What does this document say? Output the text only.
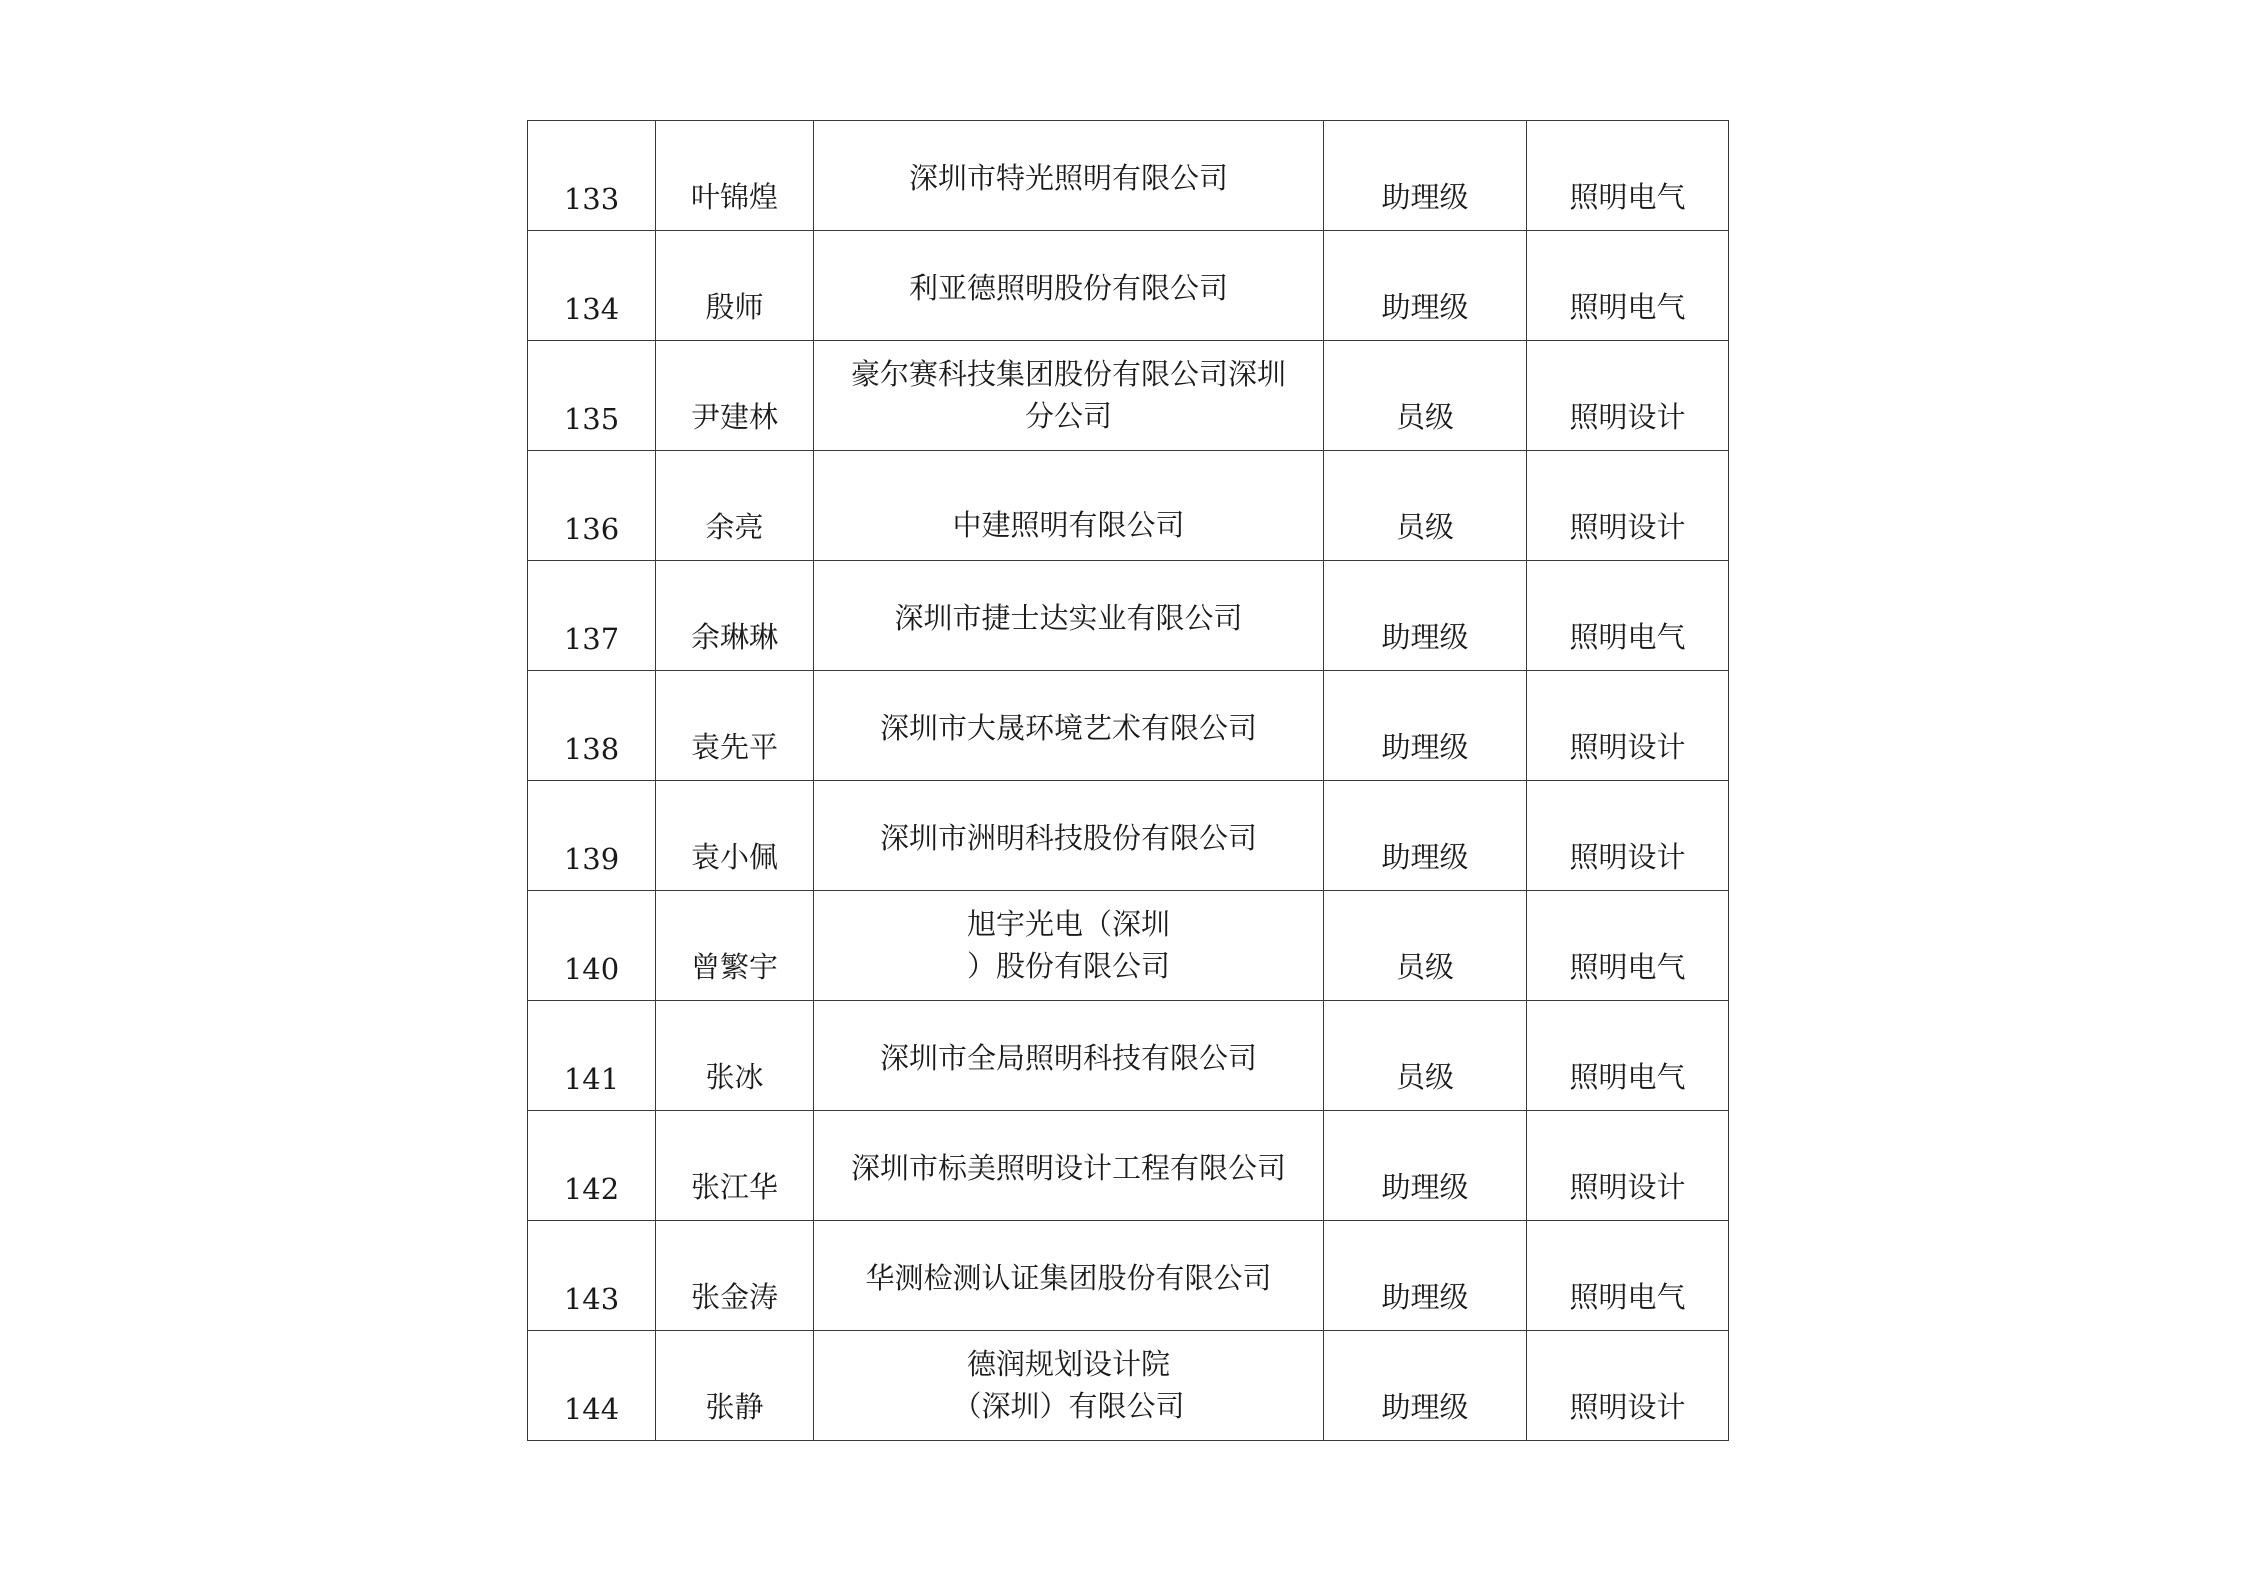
133	叶锦煌	深圳市特光照明有限公司	助理级	照明电气

134	殷师	利亚德照明股份有限公司	助理级	照明电气

135	尹建林	豪尔赛科技集团股份有限公司深圳
分公司	员级	照明设计

136	余亮	中建照明有限公司	员级	照明设计

137	余琳琳	深圳市捷士达实业有限公司	助理级	照明电气

138	袁先平	深圳市大晟环境艺术有限公司	助理级	照明设计

139	袁小佩	深圳市洲明科技股份有限公司	助理级	照明设计

140	曾繁宇	旭宇光电（深圳
）股份有限公司	员级	照明电气

141	张冰	深圳市全局照明科技有限公司	员级	照明电气

142	张江华	深圳市标美照明设计工程有限公司	助理级	照明设计

143	张金涛	华测检测认证集团股份有限公司	助理级	照明电气

144	张静	德润规划设计院
（深圳）有限公司	助理级	照明设计
